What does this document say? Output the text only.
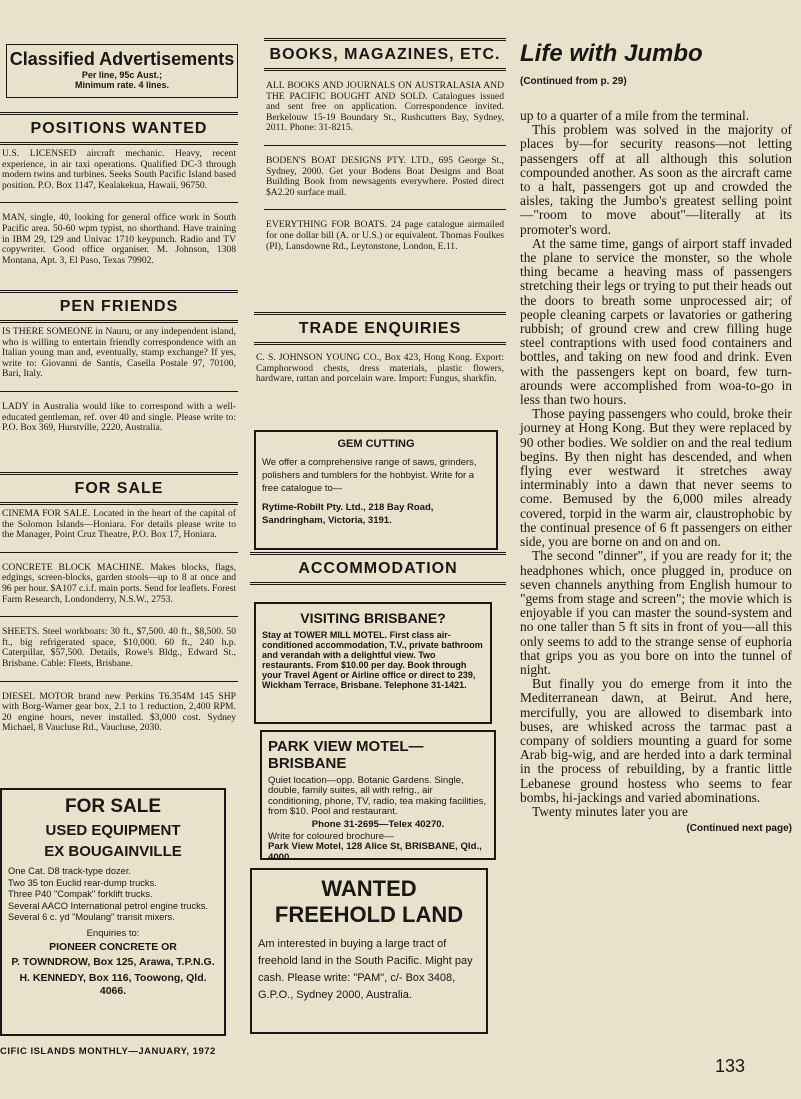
Classified Advertisements
Per line, 95c Aust.;
Minimum rate. 4 lines.
POSITIONS WANTED
U.S. LICENSED aircraft mechanic. Heavy, recent experience, in air taxi operations. Qualified DC-3 through modern twins and turbines. Seeks South Pacific Island based position. P.O. Box 1147, Kealakekua, Hawaii, 96750.
MAN, single, 40, looking for general office work in South Pacific area. 50-60 wpm typist, no shorthand. Have training in IBM 29, 129 and Univac 1710 keypunch. Radio and TV copywriter. Good office organiser. M. Johnson, 1308 Montana, Apt. 3, El Paso, Texas 79902.
PEN FRIENDS
IS THERE SOMEONE in Nauru, or any independent island, who is willing to entertain friendly correspondence with an Italian young man and, eventually, stamp exchange? If yes, write to: Giovanni de Santis, Casella Postale 97, 70100, Bari, Italy.
LADY in Australia would like to correspond with a well-educated gentleman, ref. over 40 and single. Please write to: P.O. Box 369, Hurstville, 2220, Australia.
FOR SALE
CINEMA FOR SALE. Located in the heart of the capital of the Solomon Islands—Honiara. For details please write to the Manager, Point Cruz Theatre, P.O. Box 17, Honiara.
CONCRETE BLOCK MACHINE. Makes blocks, flags, edgings, screen-blocks, garden stools—up to 8 at once and 96 per hour. $A107 c.i.f. main ports. Send for leaflets. Forest Farm Research, Londonderry, N.S.W., 2753.
SHEETS. Steel workboats: 30 ft., $7,500. 40 ft., $8,500. 50 ft., big refrigerated space, $10,000. 60 ft., 240 h.p. Caterpillar, $57,500. Details, Rowe's Bldg., Edward St., Brisbane. Cable: Fleets, Brisbane.
DIESEL MOTOR brand new Perkins T6.354M 145 SHP with Borg-Warner gear box, 2.1 to 1 reduction, 2,400 RPM. 20 engine hours, never installed. $3,000 cost. Sydney Michael, 8 Vaucluse Rd., Vaucluse, 2030.
FOR SALE
USED EQUIPMENT
EX BOUGAINVILLE
One Cat. D8 track-type dozer.
Two 35 ton Euclid rear-dump trucks.
Three P40 "Compak" forklift trucks.
Several AACO International petrol engine trucks.
Several 6 c. yd "Moulang" transit mixers.
Enquiries to:
PIONEER CONCRETE OR
P. TOWNDROW, Box 125, Arawa, T.P.N.G.
H. KENNEDY, Box 116, Toowong, Qld. 4066.
BOOKS, MAGAZINES, ETC.
ALL BOOKS AND JOURNALS ON AUSTRALASIA AND THE PACIFIC BOUGHT AND SOLD. Catalogues issued and sent free on application. Correspondence invited. Berkelouw 15-19 Boundary St., Rushcutters Bay, Sydney, 2011. Phone: 31-8215.
BODEN'S BOAT DESIGNS PTY. LTD., 695 George St., Sydney, 2000. Get your Bodens Boat Designs and Boat Building Book from newsagents everywhere. Posted direct $A2.20 surface mail.
EVERYTHING FOR BOATS. 24 page catalogue airmailed for one dollar bill (A. or U.S.) or equivalent. Thomas Foulkes (PI), Lansdowne Rd., Leytonstone, London, E.11.
TRADE ENQUIRIES
C. S. JOHNSON YOUNG CO., Box 423, Hong Kong. Export: Camphorwood chests, dress materials, plastic flowers, hardware, rattan and porcelain ware. Import: Fungus, sharkfin.
GEM CUTTING
We offer a comprehensive range of saws, grinders, polishers and tumblers for the hobbyist. Write for a free catalogue to—
Rytime-Robilt Pty. Ltd., 218 Bay Road, Sandringham, Victoria, 3191.
ACCOMMODATION
VISITING BRISBANE?
Stay at TOWER MILL MOTEL. First class air-conditioned accommodation, T.V., private bathroom and verandah with a delightful view. Two restaurants. From $10.00 per day. Book through your Travel Agent or Airline office or direct to 239, Wickham Terrace, Brisbane. Telephone 31-1421.
PARK VIEW MOTEL—BRISBANE
Quiet location—opp. Botanic Gardens. Single, double, family suites, all with refrig., air conditioning, phone, TV, radio, tea making facilities, from $10. Pool and restaurant.
Phone 31-2695—Telex 40270.
Write for coloured brochure—
Park View Motel, 128 Alice St, BRISBANE, Qld., 4000.
WANTED
FREEHOLD LAND
Am interested in buying a large tract of freehold land in the South Pacific. Might pay cash. Please write: "PAM", c/- Box 3408, G.P.O., Sydney 2000, Australia.
Life with Jumbo
(Continued from p. 29)

up to a quarter of a mile from the terminal.

This problem was solved in the majority of places by—for security reasons—not letting passengers off at all although this solution compounded another. As soon as the aircraft came to a halt, passengers got up and crowded the aisles, taking the Jumbo's greatest selling point—"room to move about"—literally at its promoter's word.

At the same time, gangs of airport staff invaded the plane to service the monster, so the whole thing became a heaving mass of passengers stretching their legs or trying to put their heads out the doors to breath some unprocessed air; of people cleaning carpets or lavatories or gathering rubbish; of ground crew and crew filling huge steel contraptions with used food containers and bottles, and taking on new food and drink. Even with the passengers kept on board, few turn-arounds were accomplished from woa-to-go in less than two hours.

Those paying passengers who could, broke their journey at Hong Kong. But they were replaced by 90 other bodies. We soldier on and the real tedium begins. By then night has descended, and when flying ever westward it stretches away interminably into a dawn that never seems to come. Bemused by the 6,000 miles already covered, torpid in the warm air, claustrophobic by the continual presence of 6 ft passengers on either side, you are borne on and on and on.

The second "dinner", if you are ready for it; the headphones which, once plugged in, produce on seven channels anything from English humour to "gems from stage and screen"; the movie which is enjoyable if you can master the sound-system and no one taller than 5 ft sits in front of you—all this only seems to add to the strange sense of euphoria that grips you as you bore on into the tunnel of night.

But finally you do emerge from it into the Mediterranean dawn, at Beirut. And here, mercifully, you are allowed to disembark into buses, are whisked across the tarmac past a company of soldiers mounting a guard for some Arab big-wig, and are herded into a dark terminal in the process of rebuilding, by a frantic little Lebanese ground hostess who seems to fear bombs, hi-jackings and varied abominations.

Twenty minutes later you are

(Continued next page)
CIFIC ISLANDS MONTHLY—JANUARY, 1972
133
